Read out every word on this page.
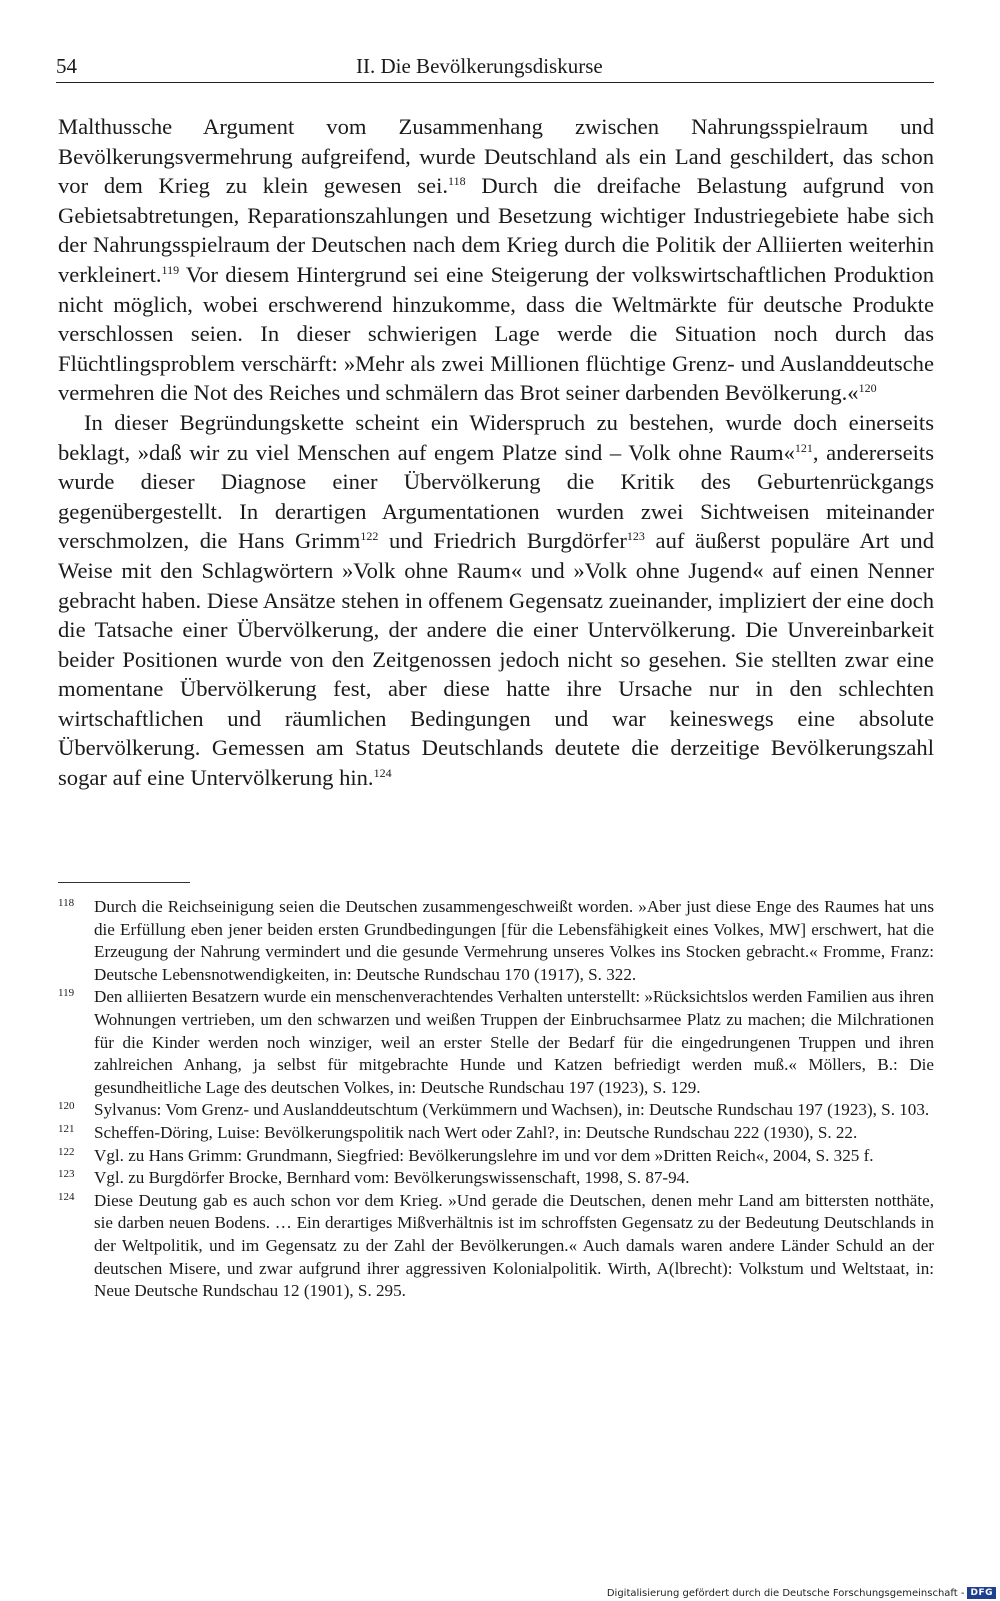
54	II. Die Bevölkerungsdiskurse

Malthussche Argument vom Zusammenhang zwischen Nahrungsspielraum und Bevölkerungsvermehrung aufgreifend, wurde Deutschland als ein Land geschildert, das schon vor dem Krieg zu klein gewesen sei.$^{118}$ Durch die dreifache Belastung aufgrund von Gebietsabtretungen, Reparationszahlungen und Besetzung wichtiger Industriegebiete habe sich der Nahrungsspielraum der Deutschen nach dem Krieg durch die Politik der Alliierten weiterhin verkleinert.$^{119}$ Vor diesem Hintergrund sei eine Steigerung der volkswirtschaftlichen Produktion nicht möglich, wobei erschwerend hinzukomme, dass die Weltmärkte für deutsche Produkte verschlossen seien. In dieser schwierigen Lage werde die Situation noch durch das Flüchtlingsproblem verschärft: »Mehr als zwei Millionen flüchtige Grenz- und Auslanddeutsche vermehren die Not des Reiches und schmälern das Brot seiner darbenden Bevölkerung.«$^{120}$

In dieser Begründungskette scheint ein Widerspruch zu bestehen, wurde doch einerseits beklagt, »daß wir zu viel Menschen auf engem Platze sind – Volk ohne Raum«$^{121}$, andererseits wurde dieser Diagnose einer Übervölkerung die Kritik des Geburtenrückgangs gegenübergestellt. In derartigen Argumentationen wurden zwei Sichtweisen miteinander verschmolzen, die Hans Grimm$^{122}$ und Friedrich Burgdörfer$^{123}$ auf äußerst populäre Art und Weise mit den Schlagwörtern »Volk ohne Raum« und »Volk ohne Jugend« auf einen Nenner gebracht haben. Diese Ansätze stehen in offenem Gegensatz zueinander, impliziert der eine doch die Tatsache einer Übervölkerung, der andere die einer Untervölkerung. Die Unvereinbarkeit beider Positionen wurde von den Zeitgenossen jedoch nicht so gesehen. Sie stellten zwar eine momentane Übervölkerung fest, aber diese hatte ihre Ursache nur in den schlechten wirtschaftlichen und räumlichen Bedingungen und war keineswegs eine absolute Übervölkerung. Gemessen am Status Deutschlands deutete die derzeitige Bevölkerungszahl sogar auf eine Untervölkerung hin.$^{124}$

118 Durch die Reichseinigung seien die Deutschen zusammengeschweißt worden. »Aber just diese Enge des Raumes hat uns die Erfüllung eben jener beiden ersten Grundbedingungen [für die Lebensfähigkeit eines Volkes, MW] erschwert, hat die Erzeugung der Nahrung vermindert und die gesunde Vermehrung unseres Volkes ins Stocken gebracht.« Fromme, Franz: Deutsche Lebensnotwendigkeiten, in: Deutsche Rundschau 170 (1917), S. 322.
119 Den alliierten Besatzern wurde ein menschenverachtendes Verhalten unterstellt: »Rücksichtslos werden Familien aus ihren Wohnungen vertrieben, um den schwarzen und weißen Truppen der Einbruchsarmee Platz zu machen; die Milchrationen für die Kinder werden noch winziger, weil an erster Stelle der Bedarf für die eingedrungenen Truppen und ihren zahlreichen Anhang, ja selbst für mitgebrachte Hunde und Katzen befriedigt werden muß.« Möllers, B.: Die gesundheitliche Lage des deutschen Volkes, in: Deutsche Rundschau 197 (1923), S. 129.
120 Sylvanus: Vom Grenz- und Auslanddeutschtum (Verkümmern und Wachsen), in: Deutsche Rundschau 197 (1923), S. 103.
121 Scheffen-Döring, Luise: Bevölkerungspolitik nach Wert oder Zahl?, in: Deutsche Rundschau 222 (1930), S. 22.
122 Vgl. zu Hans Grimm: Grundmann, Siegfried: Bevölkerungslehre im und vor dem »Dritten Reich«, 2004, S. 325 f.
123 Vgl. zu Burgdörfer Brocke, Bernhard vom: Bevölkerungswissenschaft, 1998, S. 87-94.
124 Diese Deutung gab es auch schon vor dem Krieg. »Und gerade die Deutschen, denen mehr Land am bittersten notthäte, sie darben neuen Bodens. … Ein derartiges Mißverhältnis ist im schroffsten Gegensatz zu der Bedeutung Deutschlands in der Weltpolitik, und im Gegensatz zu der Zahl der Bevölkerungen.« Auch damals waren andere Länder Schuld an der deutschen Misere, und zwar aufgrund ihrer aggressiven Kolonialpolitik. Wirth, A(lbrecht): Volkstum und Weltstaat, in: Neue Deutsche Rundschau 12 (1901), S. 295.
Digitalisierung gefördert durch die Deutsche Forschungsgemeinschaft - DFG
